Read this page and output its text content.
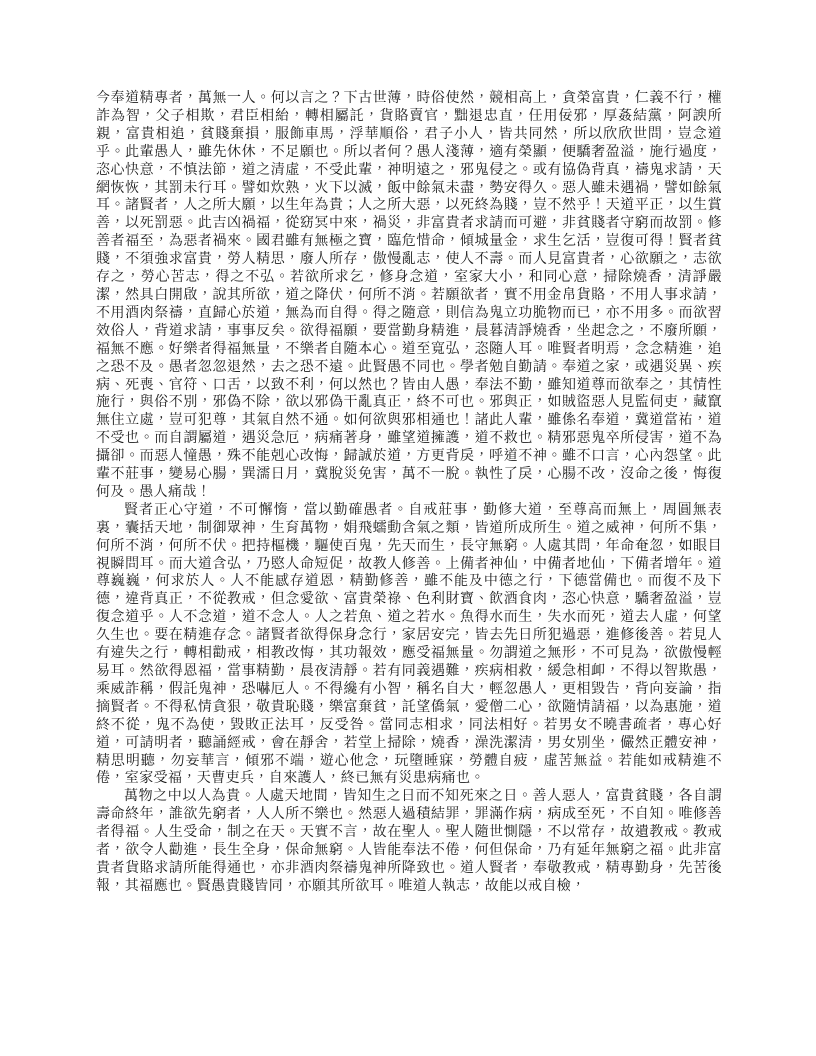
今奉道精專者，萬無一人。何以言之？下古世薄，時俗使然，競相高上，貪榮富貴，仁義不行，權詐為智，父子相欺，君臣相紿，轉相屬託，貨賂賣官，黜退忠直，任用佞邪，厚姦結黨，阿諛所親，富貴相追，貧賤棄損，服飾車馬，浮華順俗，君子小人，皆共同然，所以欣欣世問，豈念道乎。此輩愚人，雖先休休，不足願也。所以者何？愚人淺薄，適有榮顯，便驕奢盈溢，施行過度，恣心快意，不慎法節，道之清虛，不受此輩，神明遠之，邪鬼侵之。或有協偽背真，禱鬼求請，天網恢恢，其罰未行耳。譬如炊熟，火下以滅，飯中餘氣未盡，勢安得久。惡人雖未遇禍，譬如餘氣耳。諸賢者，人之所大願，以生年為貴；人之所大惡，以死終為賤，豈不然乎！天道平正，以生賞善，以死罰惡。此吉凶禍福，從窈冥中來，禍災，非富貴者求請而可避，非貧賤者守窮而故罰。修善者福至，為惡者禍來。國君雖有無極之寶，臨危惜命，傾城量金，求生乞活，豈復可得！賢者貧賤，不須強求富貴，勞人精思，廢人所存，傲慢亂志，使人不壽。而人見富貴者，心欲願之，志欲存之，勞心苦志，得之不弘。若欲所求乞，修身念道，室家大小，和同心意，掃除燒香，清諍嚴潔，然具白開啟，說其所欲，道之降伏，何所不消。若願欲者，實不用金帛貨賂，不用人事求請，不用酒肉祭禱，直歸心於道，無為而自得。得之隨意，則信為鬼立功脆物而已，亦不用多。而欲習效俗人，背道求請，事事反矣。欲得福願，要當勤身精進，晨暮清諍燒香，坐起念之，不廢所願，福無不應。好樂者得福無量，不樂者自隨本心。道至寬弘，恣隨人耳。唯賢者明焉，念念精進，追之恐不及。愚者忽忽退然，去之恐不遠。此賢愚不同也。學者勉自勤請。奉道之家，或遇災異、疾病、死喪、官符、口舌，以致不利，何以然也？皆由人愚，奉法不勤，雖知道尊而欲奉之，其情性施行，與俗不別，邪偽不除，欲以邪偽干亂真正，終不可也。邪與正，如賊盜惡人見監伺吏，藏竄無住立處，豈可犯尊，其氣自然不通。如何欲與邪相通也！諸此人輩，雖係名奉道，冀道當祐，道不受也。而自謂屬道，遇災急厄，病痛著身，雖望道擁護，道不救也。精邪惡鬼卒所侵害，道不為攝卻。而惡人憧愚，殊不能剋心改悔，歸誠於道，方更背戾，呼道不神。雖不口言，心內怨望。此輩不莊事，變易心腸，巽濡日月，冀脫災免害，萬不一脫。執性了戾，心腸不改，沒命之後，悔復何及。愚人痛哉！

賢者正心守道，不可懈惰，當以勤確愚者。自戒莊事，勤修大道，至尊高而無上，周圓無表裏，囊括天地，制御眾神，生育萬物，娟飛蠕動含氣之類，皆道所成所生。道之威神，何所不集，何所不消，何所不伏。把持樞機，驅使百鬼，先天而生，長守無窮。人處其問，年命奄忽，如眼目視瞬問耳。而大道含弘，乃愍人命短促，故教人修善。上備者神仙，中備者地仙，下備者增年。道尊巍巍，何求於人。人不能感存道恩，精勤修善，雖不能及中德之行，下德當備也。而復不及下德，違背真正，不從教戒，但念愛欲、富貴榮祿、色利財寶、飲酒食肉，恣心快意，驕奢盈溢，豈復念道乎。人不念道，道不念人。人之若魚、道之若水。魚得水而生，失水而死，道去人虛，何望久生也。要在精進存念。諸賢者欲得保身念行，家居安完，皆去先日所犯過惡，進修後善。若見人有違失之行，轉相勸戒，相教改悔，其功報效，應受福無量。勿謂道之無形，不可見為，欲傲慢輕易耳。然欲得恩福，當事精勤，晨夜清靜。若有同義遇難，疾病相救，緩急相卹，不得以智欺愚，乘威詐稱，假託鬼神，恐嚇厄人。不得纔有小智，稱名自大，輕忽愚人，更相毀告，背向妄論，指摘賢者。不得私情貪狠，敬貴恥賤，樂富棄貧，託望僑氣，愛僧二心，欲隨情請福，以為惠施，道終不從，鬼不為使，毀敗正法耳，反受咎。當同志相求，同法相好。若男女不曉書疏者，專心好道，可請明者，聽誦經戒，會在靜舍，若堂上掃除，燒香，澡洗潔清，男女別坐，儼然正體安神，精思明聽，勿妄華言，傾邪不端，遊心他念，玩墮睡寐，勞體自疲，虛苦無益。若能如戒精進不倦，室家受福，天曹吏兵，自來護人，終已無有災患病痛也。

萬物之中以人為貴。人處天地間，皆知生之日而不知死來之日。善人惡人，富貴貧賤，各自謂壽命終年，誰欲先窮者，人人所不樂也。然惡人過積結罪，罪滿作病，病成至死，不自知。唯修善者得福。人生受命，制之在天。天實不言，故在聖人。聖人隨世惻隱，不以常存，故遺教戒。教戒者，欲令人勸進，長生全身，保命無窮。人皆能奉法不倦，何但保命，乃有延年無窮之福。此非富貴者貨賂求請所能得通也，亦非酒肉祭禱鬼神所降致也。道人賢者，奉敬教戒，精專勤身，先苦後報，其福應也。賢愚貴賤皆同，亦願其所欲耳。唯道人執志，故能以戒自檢，
